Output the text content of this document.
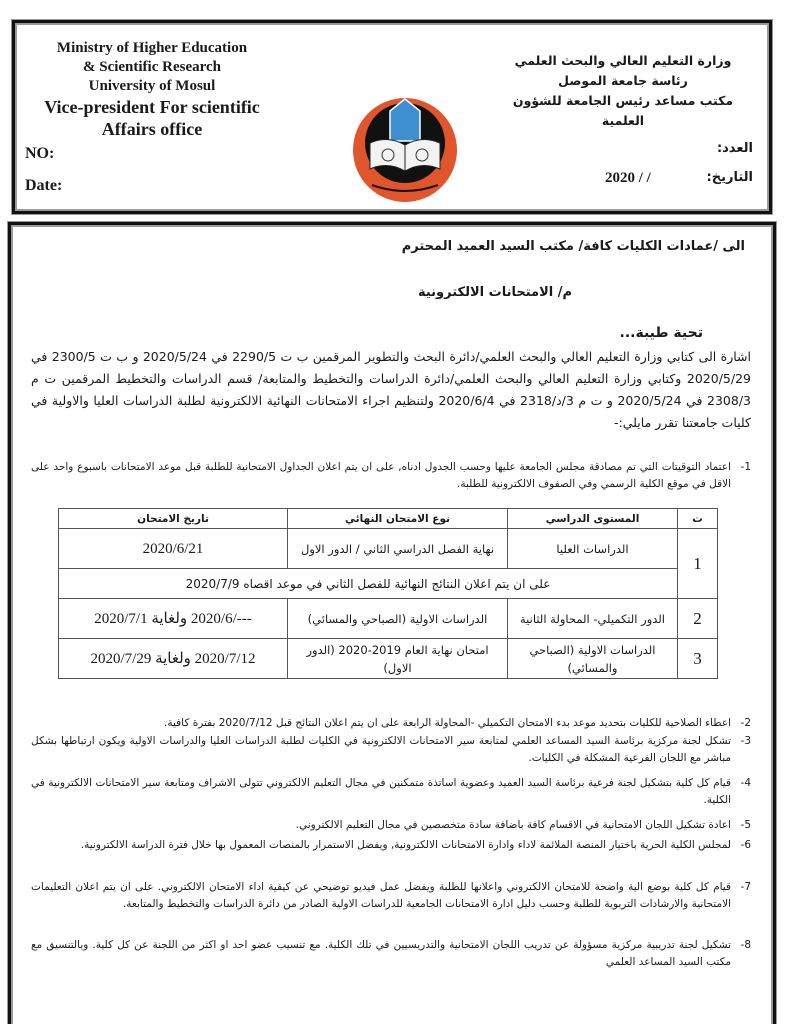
Ministry of Higher Education
& Scientific Research
University of Mosul
Vice-president For scientific
Affairs office
NO:
Date:
وزارة التعليم العالي والبحث العلمي
رئاسة جامعة الموصل
مكتب مساعد رئيس الجامعة للشؤون العلمية
العدد:
التاريخ:
2020 / /
الى /عمادات الكليات كافة/ مكتب السيد العميد المحترم
م/ الامتحانات الالكترونية
تحية طيبة...
اشارة الى كتابي وزارة التعليم العالي والبحث العلمي/دائرة البحث والتطوير المرقمين ب ت 2290/5 في 2020/5/24 و ب ت 2300/5 في 2020/5/29 وكتابي وزارة التعليم العالي والبحث العلمي/دائرة الدراسات والتخطيط والمتابعة/ قسم الدراسات والتخطيط المرقمين ت م 2308/3 في 2020/5/24 و ت م 3/د/2318 في 2020/6/4 ولتنظيم اجراء الامتحانات النهائية الالكترونية لطلبة الدراسات العليا والاولية في كليات جامعتنا تقرر مايلي:-
1-
اعتماد التوقيتات التي تم مصادقة مجلس الجامعة عليها وحسب الجدول ادناه, على ان يتم اعلان الجداول الامتحانية للطلبة قبل موعد الامتحانات باسبوع واحد على الاقل في موقع الكلية الرسمي وفي الصفوف الالكترونية للطلبة.
ت	المستوى الدراسي	نوع الامتحان النهائي	تاريخ الامتحان
1	الدراسات العليا	نهاية الفصل الدراسي الثاني / الدور الاول	2020/6/21
	على ان يتم اعلان النتائج النهائية للفصل الثاني في موعد اقصاه 2020/7/9		
2	الدور التكميلي- المحاولة الثانية	الدراسات الاولية (الصباحي والمسائي)	---/2020/6 ولغاية 2020/7/1
3	الدراسات الاولية (الصباحي والمسائي)	امتحان نهاية العام 2019-2020 (الدور الاول)	2020/7/12 ولغاية 2020/7/29
2-
اعطاء الصلاحية للكليات بتحديد موعد بدء الامتحان التكميلي -المحاولة الرابعة على ان يتم اعلان النتائج قبل 2020/7/12 بفترة كافية.
3-
تشكل لجنة مركزية برئاسة السيد المساعد العلمي لمتابعة سير الامتحانات الالكترونية في الكليات لطلبة الدراسات العليا والدراسات الاولية ويكون ارتباطها بشكل مباشر مع اللجان الفرعية المشكلة في الكليات.
4-
قيام كل كلية بتشكيل لجنة فرعية برئاسة السيد العميد وعضوية اساتذة متمكنين في مجال التعليم الالكتروني تتولى الاشراف ومتابعة سير الامتحانات الالكترونية في الكلية.
5-
اعادة تشكيل اللجان الامتحانية في الاقسام كافة باضافة سادة متخصصين في مجال التعليم الالكتروني.
6-
لمجلس الكلية الحرية باختيار المنصة الملائمة لاداء وادارة الامتحانات الالكترونية, ويفضل الاستمرار بالمنصات المعمول بها خلال فترة الدراسة الالكترونية.
7-
قيام كل كلية بوضع الية واضحة للامتحان الالكتروني واعلانها للطلبة ويفضل عمل فيديو توضيحي عن كيفية اداء الامتحان الالكتروني. على ان يتم اعلان التعليمات الامتحانية والارشادات التربوية للطلبة وحسب دليل ادارة الامتحانات الجامعية للدراسات الاولية الصادر من دائرة الدراسات والتخطيط والمتابعة.
8-
تشكيل لجنة تدريبية مركزية مسؤولة عن تدريب اللجان الامتحانية والتدريسيين في تلك الكلية. مع تنسيب عضو احد او اكثر من اللجنة عن كل كلية. وبالتنسيق مع مكتب السيد المساعد العلمي
